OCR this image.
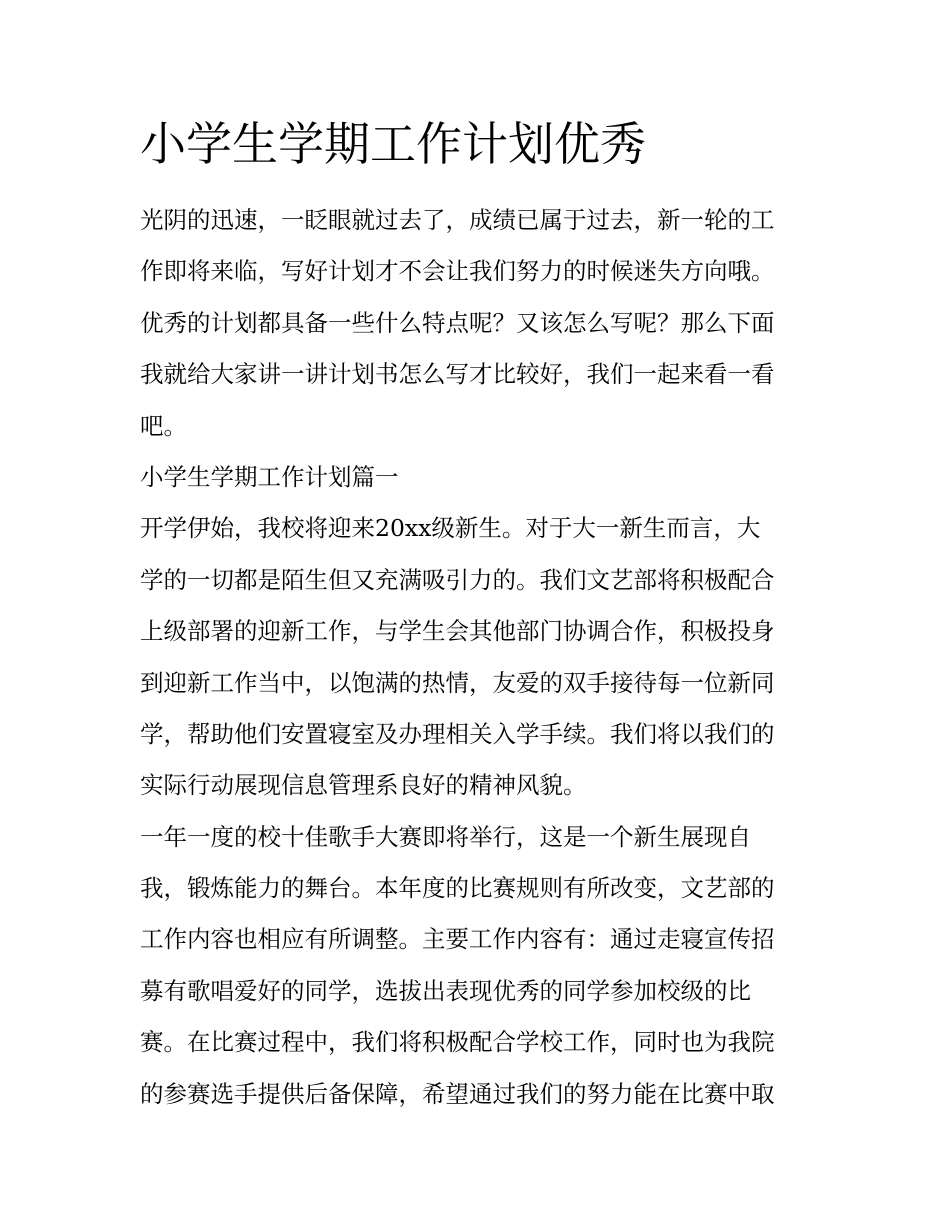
小学生学期工作计划优秀
光阴的迅速，一眨眼就过去了，成绩已属于过去，新一轮的工
作即将来临，写好计划才不会让我们努力的时候迷失方向哦。
优秀的计划都具备一些什么特点呢？又该怎么写呢？那么下面
我就给大家讲一讲计划书怎么写才比较好，我们一起来看一看
吧。
小学生学期工作计划篇一
开学伊始，我校将迎来20xx级新生。对于大一新生而言，大
学的一切都是陌生但又充满吸引力的。我们文艺部将积极配合
上级部署的迎新工作，与学生会其他部门协调合作，积极投身
到迎新工作当中，以饱满的热情，友爱的双手接待每一位新同
学，帮助他们安置寝室及办理相关入学手续。我们将以我们的
实际行动展现信息管理系良好的精神风貌。
一年一度的校十佳歌手大赛即将举行，这是一个新生展现自
我，锻炼能力的舞台。本年度的比赛规则有所改变，文艺部的
工作内容也相应有所调整。主要工作内容有：通过走寝宣传招
募有歌唱爱好的同学，选拔出表现优秀的同学参加校级的比
赛。在比赛过程中，我们将积极配合学校工作，同时也为我院
的参赛选手提供后备保障，希望通过我们的努力能在比赛中取
